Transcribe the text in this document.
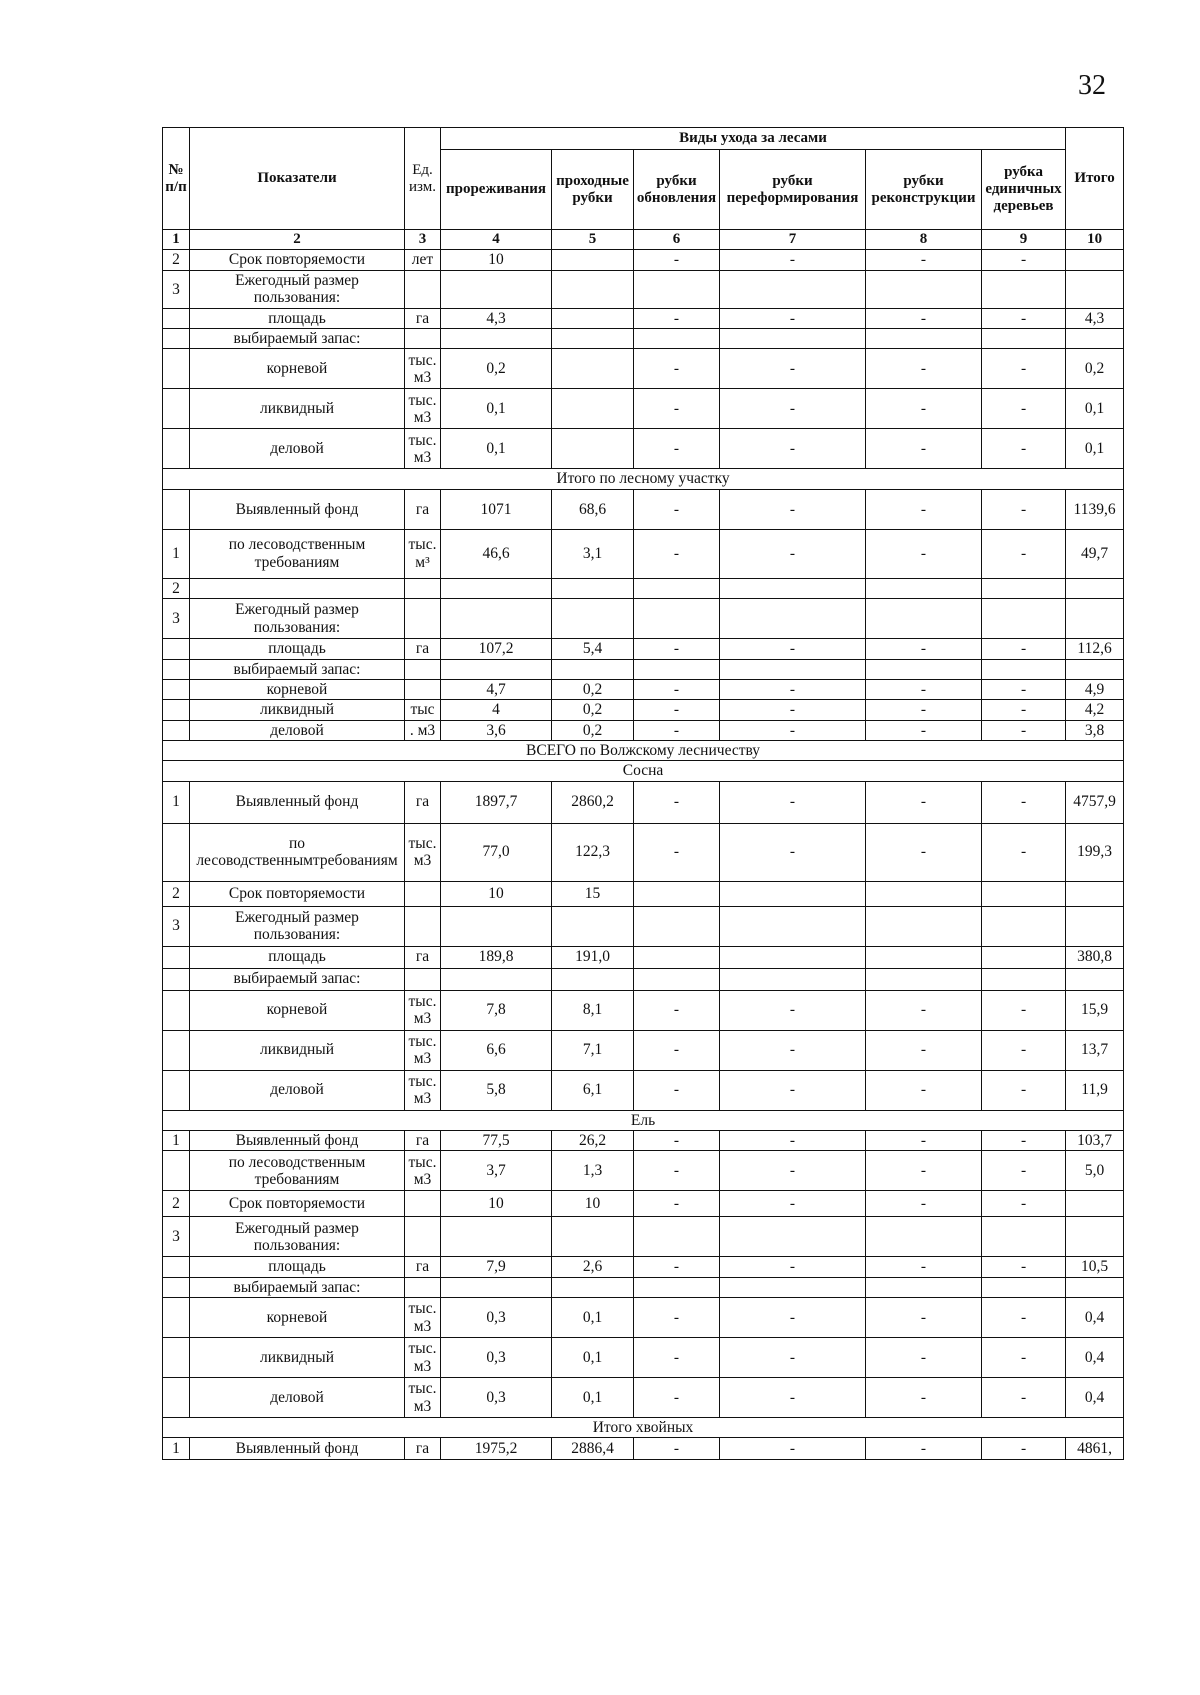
32
№ п/п	Показатели	Ед. изм.	Виды ухода за лесами						Итого
			прореживания	проходные рубки	рубки обновления	рубки переформирования	рубки реконструкции	рубка единичных деревьев	
1	2	3	4	5	6	7	8	9	10
2	Срок повторяемости	лет	10		-	-	-	-	
3	Ежегодный размер пользования:								
	площадь	га	4,3		-	-	-	-	4,3
	выбираемый запас:								
	корневой	тыс. м3	0,2		-	-	-	-	0,2
	ликвидный	тыс. м3	0,1		-	-	-	-	0,1
	деловой	тыс. м3	0,1		-	-	-	-	0,1
Итого по лесному участку									
	Выявленный фонд	га	1071	68,6	-	-	-	-	1139,6
1	по лесоводственным требованиям	тыс. м³	46,6	3,1	-	-	-	-	49,7
2									
3	Ежегодный размер пользования:								
	площадь	га	107,2	5,4	-	-	-	-	112,6
	выбираемый запас:								
	корневой		4,7	0,2	-	-	-	-	4,9
	ликвидный	тыс	4	0,2	-	-	-	-	4,2
	деловой	. м3	3,6	0,2	-	-	-	-	3,8
ВСЕГО по Волжскому лесничеству									
Сосна									
1	Выявленный фонд	га	1897,7	2860,2	-	-	-	-	4757,9
	по лесоводственнымтребованиям	тыс. м3	77,0	122,3	-	-	-	-	199,3
2	Срок повторяемости		10	15					
3	Ежегодный размер пользования:								
	площадь	га	189,8	191,0					380,8
	выбираемый запас:								
	корневой	тыс. м3	7,8	8,1	-	-	-	-	15,9
	ликвидный	тыс. м3	6,6	7,1	-	-	-	-	13,7
	деловой	тыс. м3	5,8	6,1	-	-	-	-	11,9
Ель									
1	Выявленный фонд	га	77,5	26,2	-	-	-	-	103,7
	по лесоводственным требованиям	тыс. м3	3,7	1,3	-	-	-	-	5,0
2	Срок повторяемости		10	10	-	-	-	-	
3	Ежегодный размер пользования:								
	площадь	га	7,9	2,6	-	-	-	-	10,5
	выбираемый запас:								
	корневой	тыс. м3	0,3	0,1	-	-	-	-	0,4
	ликвидный	тыс. м3	0,3	0,1	-	-	-	-	0,4
	деловой	тыс. м3	0,3	0,1	-	-	-	-	0,4
Итого хвойных									
1	Выявленный фонд	га	1975,2	2886,4	-	-	-	-	4861,
